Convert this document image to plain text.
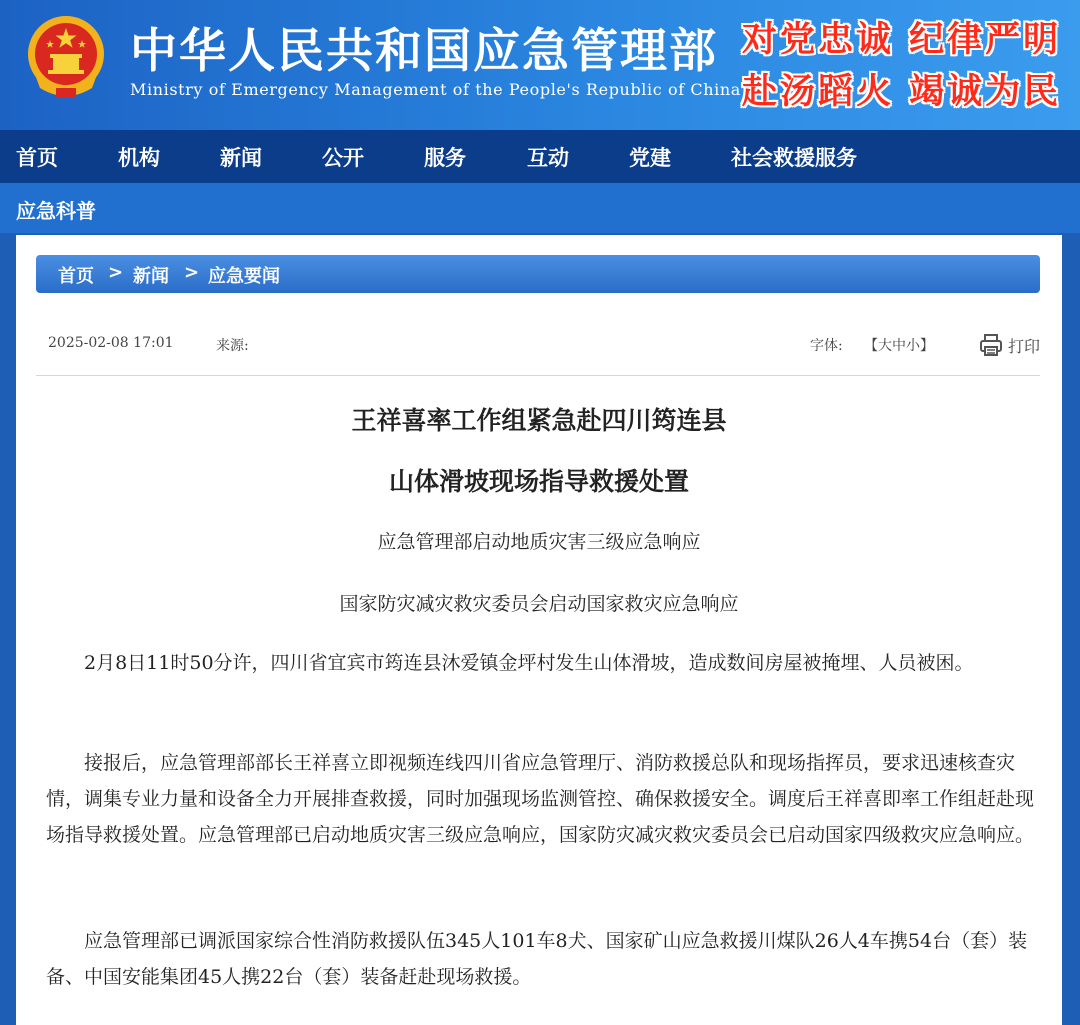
中华人民共和国应急管理部
Ministry of Emergency Management of the People's Republic of China
对党忠诚 纪律严明
赴汤蹈火 竭诚为民
首页	机构	新闻	公开	服务	互动	党建	社会救援服务
应急科普
首页 > 新闻 > 应急要闻
2025-02-08 17:01	来源:	字体: 【大中小】	打印
王祥喜率工作组紧急赴四川筠连县
山体滑坡现场指导救援处置
应急管理部启动地质灾害三级应急响应
国家防灾减灾救灾委员会启动国家救灾应急响应

2月8日11时50分许，四川省宜宾市筠连县沐爱镇金坪村发生山体滑坡，造成数间房屋被掩埋、人员被困。

接报后，应急管理部部长王祥喜立即视频连线四川省应急管理厅、消防救援总队和现场指挥员，要求迅速核查灾情，调集专业力量和设备全力开展排查救援，同时加强现场监测管控、确保救援安全。调度后王祥喜即率工作组赶赴现场指导救援处置。应急管理部已启动地质灾害三级应急响应，国家防灾减灾救灾委员会已启动国家四级救灾应急响应。

应急管理部已调派国家综合性消防救援队伍345人101车8犬、国家矿山应急救援川煤队26人4车携54台（套）装备、中国安能集团45人携22台（套）装备赶赴现场救援。
